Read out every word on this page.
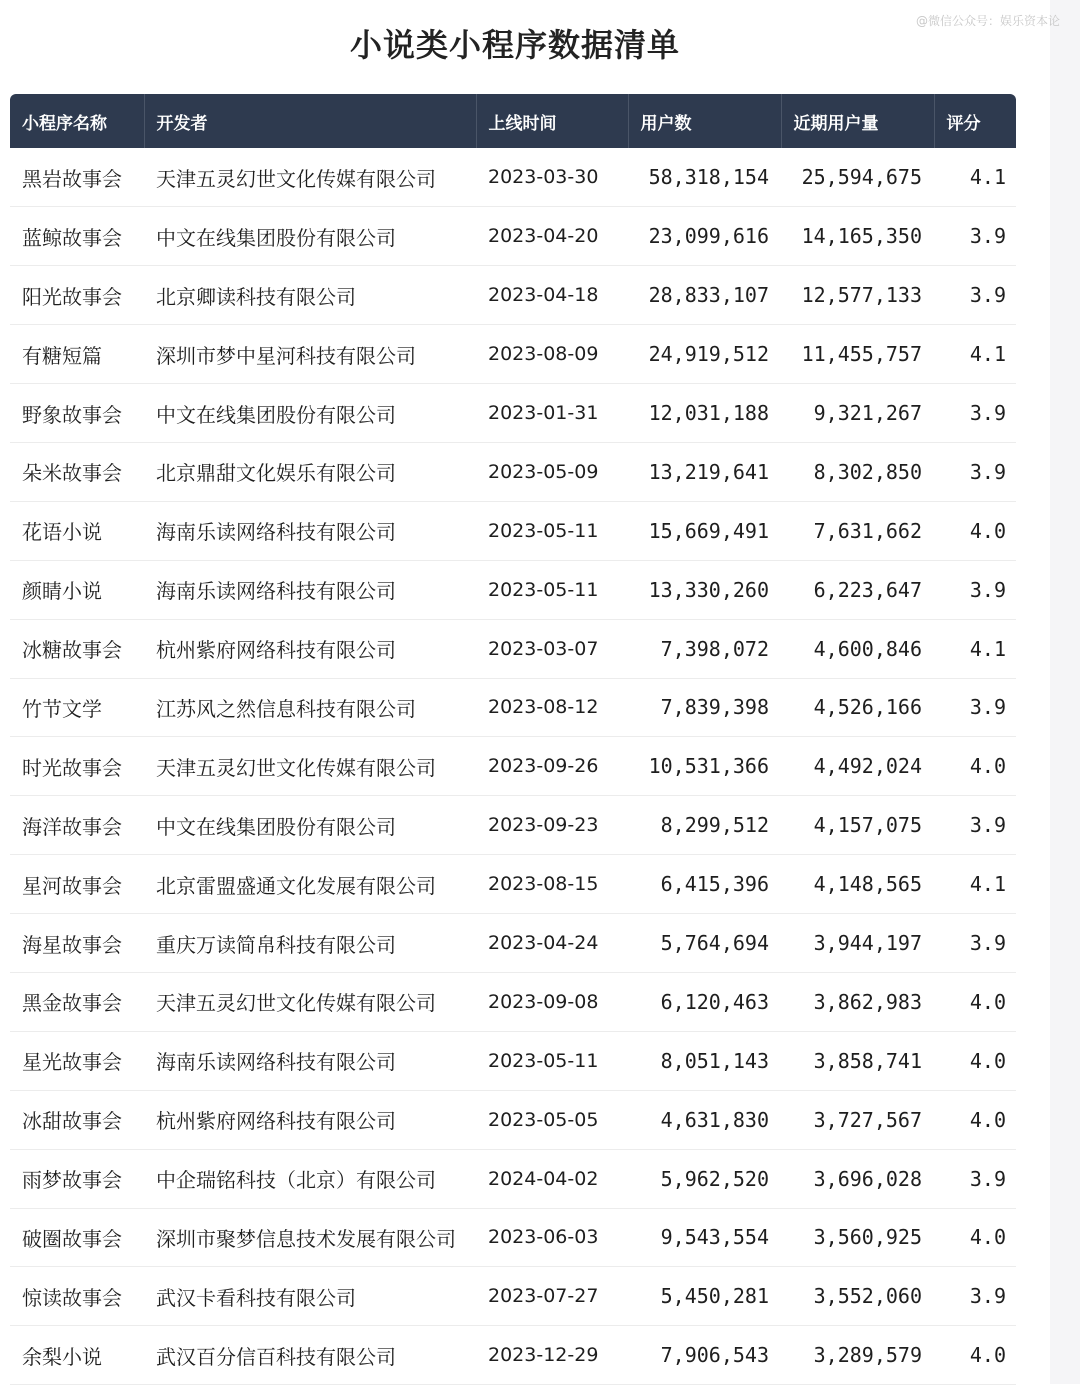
@微信公众号：娱乐资本论
小说类小程序数据清单
小程序名称	开发者	上线时间	用户数	近期用户量	评分
黑岩故事会	天津五灵幻世文化传媒有限公司	2023-03-30	58,318,154	25,594,675	4.1
蓝鲸故事会	中文在线集团股份有限公司	2023-04-20	23,099,616	14,165,350	3.9
阳光故事会	北京卿读科技有限公司	2023-04-18	28,833,107	12,577,133	3.9
有糖短篇	深圳市梦中星河科技有限公司	2023-08-09	24,919,512	11,455,757	4.1
野象故事会	中文在线集团股份有限公司	2023-01-31	12,031,188	9,321,267	3.9
朵米故事会	北京鼎甜文化娱乐有限公司	2023-05-09	13,219,641	8,302,850	3.9
花语小说	海南乐读网络科技有限公司	2023-05-11	15,669,491	7,631,662	4.0
颜睛小说	海南乐读网络科技有限公司	2023-05-11	13,330,260	6,223,647	3.9
冰糖故事会	杭州紫府网络科技有限公司	2023-03-07	7,398,072	4,600,846	4.1
竹节文学	江苏风之然信息科技有限公司	2023-08-12	7,839,398	4,526,166	3.9
时光故事会	天津五灵幻世文化传媒有限公司	2023-09-26	10,531,366	4,492,024	4.0
海洋故事会	中文在线集团股份有限公司	2023-09-23	8,299,512	4,157,075	3.9
星河故事会	北京雷盟盛通文化发展有限公司	2023-08-15	6,415,396	4,148,565	4.1
海星故事会	重庆万读简帛科技有限公司	2023-04-24	5,764,694	3,944,197	3.9
黑金故事会	天津五灵幻世文化传媒有限公司	2023-09-08	6,120,463	3,862,983	4.0
星光故事会	海南乐读网络科技有限公司	2023-05-11	8,051,143	3,858,741	4.0
冰甜故事会	杭州紫府网络科技有限公司	2023-05-05	4,631,830	3,727,567	4.0
雨梦故事会	中企瑞铭科技（北京）有限公司	2024-04-02	5,962,520	3,696,028	3.9
破圈故事会	深圳市聚梦信息技术发展有限公司	2023-06-03	9,543,554	3,560,925	4.0
惊读故事会	武汉卡看科技有限公司	2023-07-27	5,450,281	3,552,060	3.9
余梨小说	武汉百分信百科技有限公司	2023-12-29	7,906,543	3,289,579	4.0
